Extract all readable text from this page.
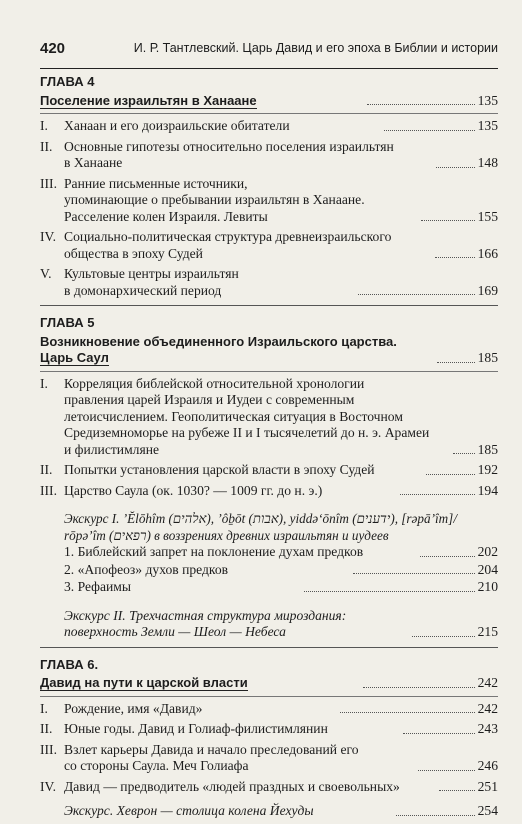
420	И. Р. Тантлевский. Царь Давид и его эпоха в Библии и истории
ГЛАВА 4
Поселение израильтян в Ханаане	135
I.	Ханаан и его доизраильские обитатели	135
II. Основные гипотезы относительно поселения израильтян
в Ханаане	148
III. Ранние письменные источники,
упоминающие о пребывании израильтян в Ханаане.
Расселение колен Израиля. Левиты	155
IV. Социально-политическая структура древнеизраильского
общества в эпоху Судей	166
V. Культовые центры израильтян
в домонархический период	169
ГЛАВА 5
Возникновение объединенного Израильского царства.
Царь Саул	185
I.	Корреляция библейской относительной хронологии
правления царей Израиля и Иудеи с современным
летоисчислением. Геополитическая ситуация в Восточном
Средиземноморье на рубеже II и I тысячелетий до н. э. Арамеи
и филистимляне	185
II. Попытки установления царской власти в эпоху Судей	192
III. Царство Саула (ок. 1030? — 1009 гг. до н. э.)	194
Экскурс I. ʼĔlōhîm (אלהים), ʼôḇōt (אבות), yiddəʻōnîm (ידענים), [rəpāʼîm]/
rōpəʼîm (רפאים) в воззрениях древних израильтян и иудеев
1. Библейский запрет на поклонение духам предков	202
2. «Апофеоз» духов предков	204
3. Рефаимы	210
Экскурс II. Трехчастная структура мироздания:
поверхность Земли — Шеол — Небеса	215
ГЛАВА 6.
Давид на пути к царской власти	242
I.	Рождение, имя «Давид»	242
II. Юные годы. Давид и Голиаф-филистимлянин	243
III. Взлет карьеры Давида и начало преследований его
со стороны Саула. Меч Голиафа	246
IV. Давид — предводитель «людей праздных и своевольных»	251
Экскурс. Хеврон — столица колена Йехуды	254
